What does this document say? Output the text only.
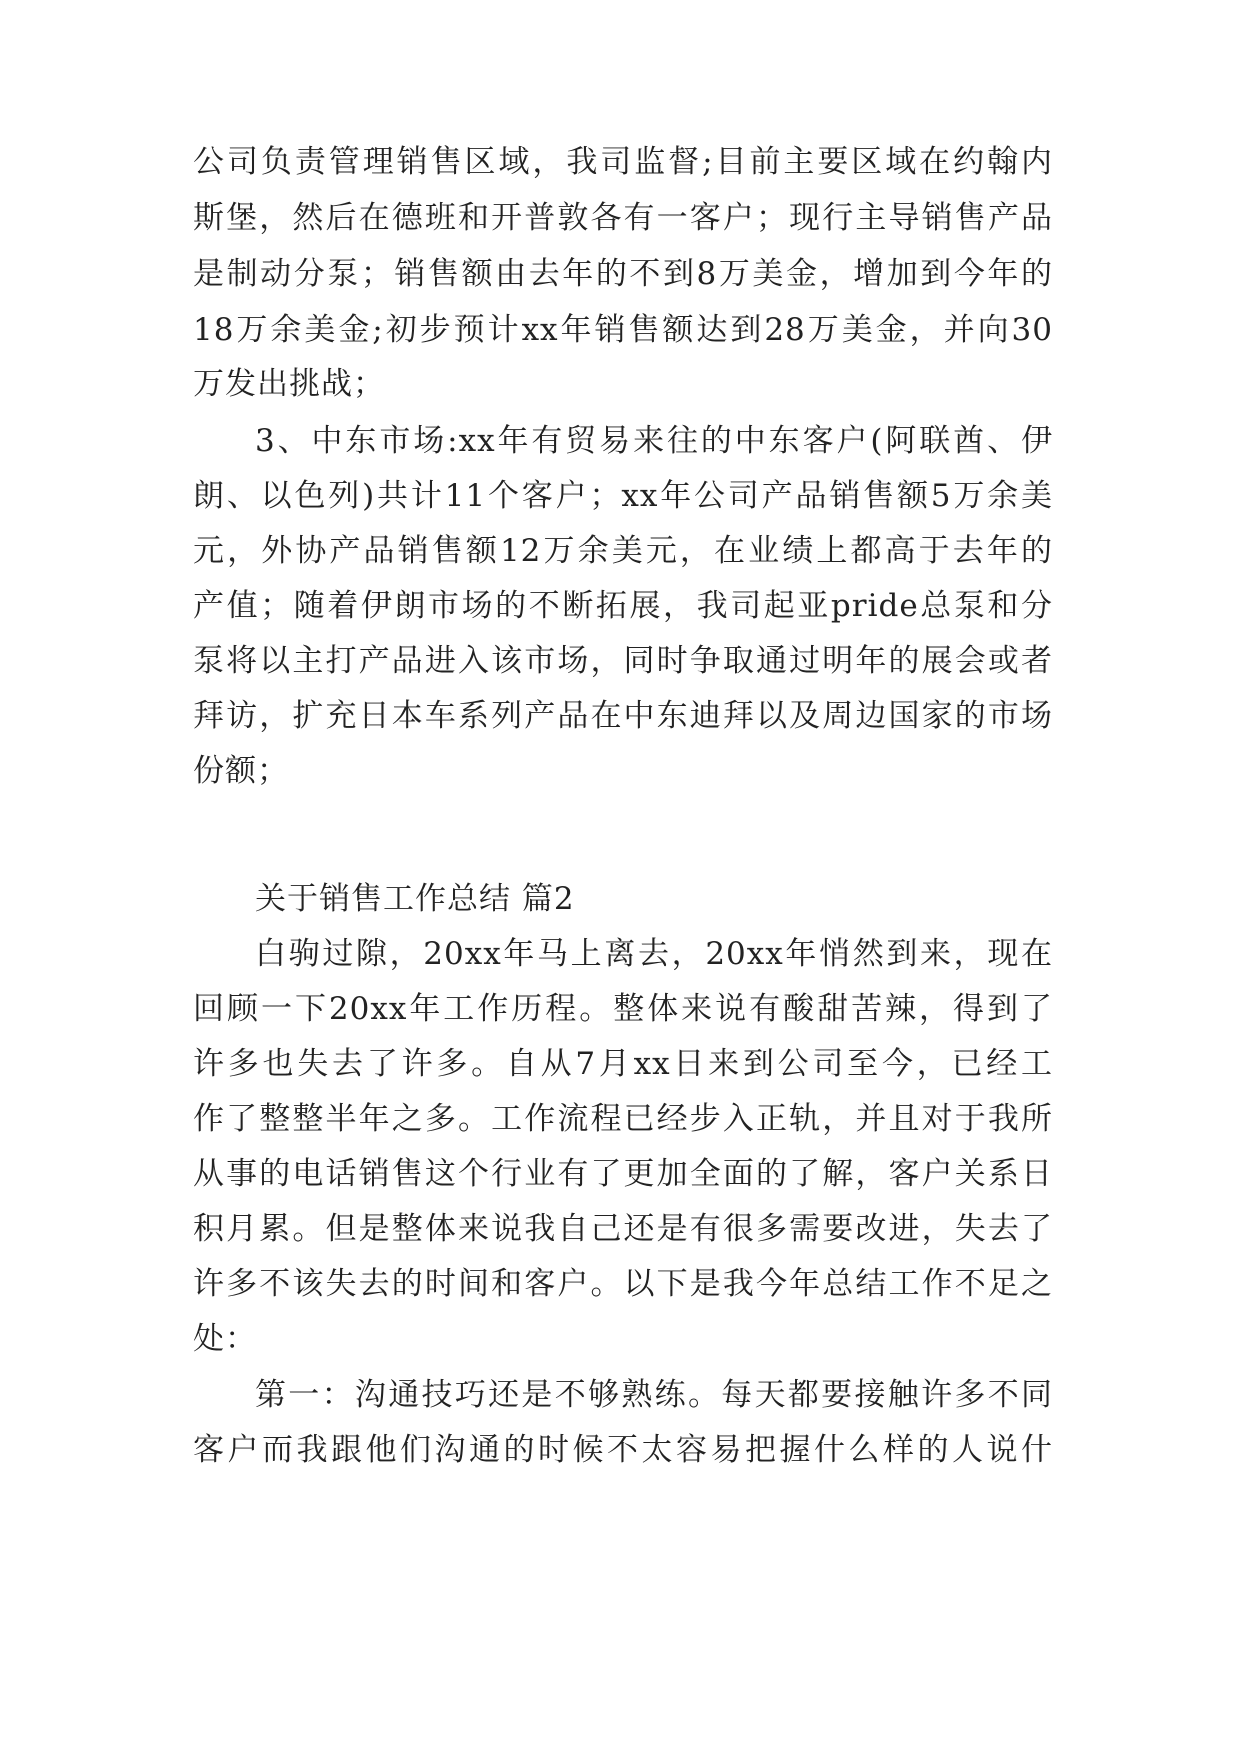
公司负责管理销售区域，我司监督;目前主要区域在约翰内
斯堡，然后在德班和开普敦各有一客户；现行主导销售产品
是制动分泵；销售额由去年的不到8万美金，增加到今年的
18万余美金;初步预计xx年销售额达到28万美金，并向30
万发出挑战；
3、中东市场:xx年有贸易来往的中东客户(阿联酋、伊
朗、以色列)共计11个客户；xx年公司产品销售额5万余美
元，外协产品销售额12万余美元，在业绩上都高于去年的
产值；随着伊朗市场的不断拓展，我司起亚pride总泵和分
泵将以主打产品进入该市场，同时争取通过明年的展会或者
拜访，扩充日本车系列产品在中东迪拜以及周边国家的市场
份额；
关于销售工作总结 篇2
白驹过隙，20xx年马上离去，20xx年悄然到来，现在
回顾一下20xx年工作历程。整体来说有酸甜苦辣，得到了
许多也失去了许多。自从7月xx日来到公司至今，已经工
作了整整半年之多。工作流程已经步入正轨，并且对于我所
从事的电话销售这个行业有了更加全面的了解，客户关系日
积月累。但是整体来说我自己还是有很多需要改进，失去了
许多不该失去的时间和客户。以下是我今年总结工作不足之
处：
第一：沟通技巧还是不够熟练。每天都要接触许多不同
客户而我跟他们沟通的时候不太容易把握什么样的人说什
